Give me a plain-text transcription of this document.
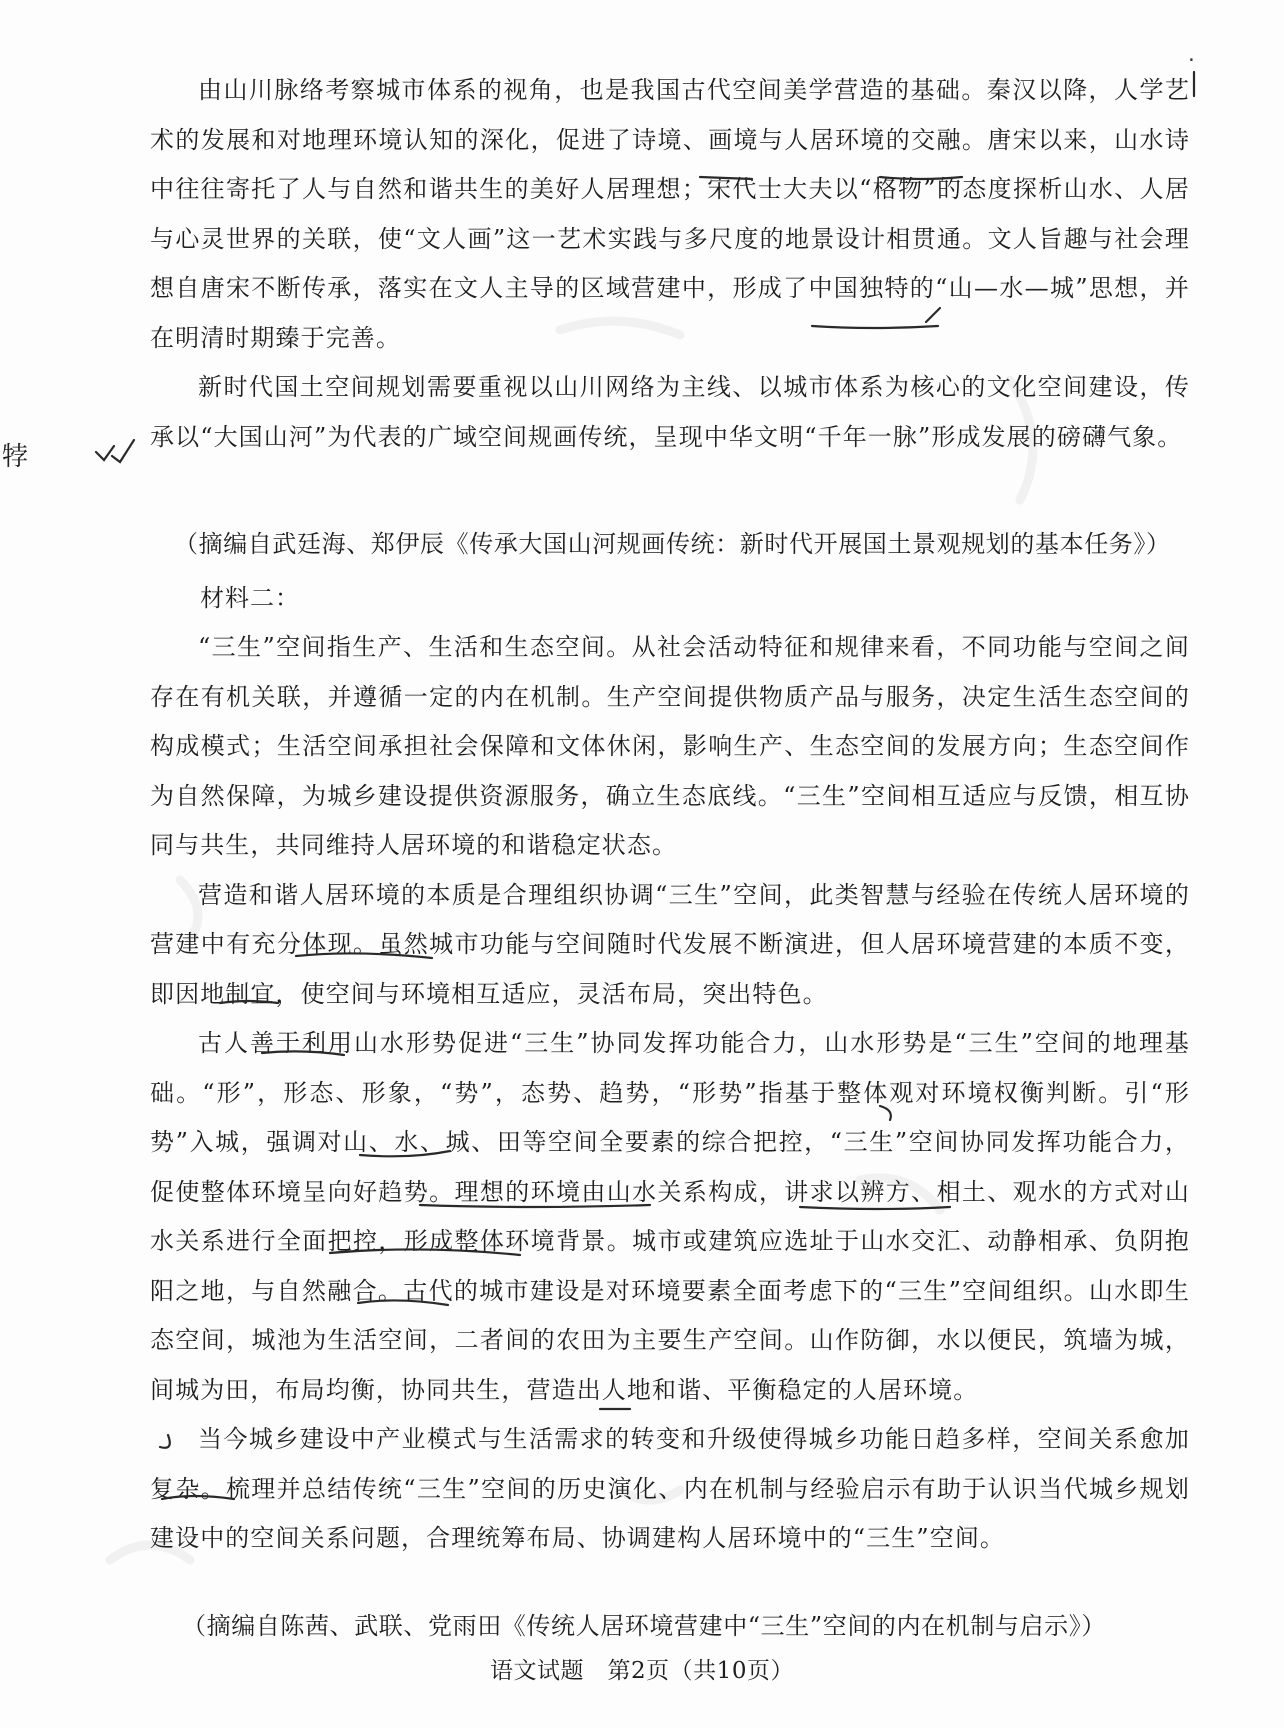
由山川脉络考察城市体系的视角，也是我国古代空间美学营造的基础。秦汉以降，人学艺术的发展和对地理环境认知的深化，促进了诗境、画境与人居环境的交融。唐宋以来，山水诗中往往寄托了人与自然和谐共生的美好人居理想；宋代士大夫以“格物”的态度探析山水、人居与心灵世界的关联，使“文人画”这一艺术实践与多尺度的地景设计相贯通。文人旨趣与社会理想自唐宋不断传承，落实在文人主导的区域营建中，形成了中国独特的“山—水—城”思想，并在明清时期臻于完善。

新时代国土空间规划需要重视以山川网络为主线、以城市体系为核心的文化空间建设，传承以“大国山河”为代表的广域空间规画传统，呈现中华文明“千年一脉”形成发展的磅礴气象。

（摘编自武廷海、郑伊辰《传承大国山河规画传统：新时代开展国土景观规划的基本任务》）
材料二：

“三生”空间指生产、生活和生态空间。从社会活动特征和规律来看，不同功能与空间之间存在有机关联，并遵循一定的内在机制。生产空间提供物质产品与服务，决定生活生态空间的构成模式；生活空间承担社会保障和文体休闲，影响生产、生态空间的发展方向；生态空间作为自然保障，为城乡建设提供资源服务，确立生态底线。“三生”空间相互适应与反馈，相互协同与共生，共同维持人居环境的和谐稳定状态。

营造和谐人居环境的本质是合理组织协调“三生”空间，此类智慧与经验在传统人居环境的营建中有充分体现。虽然城市功能与空间随时代发展不断演进，但人居环境营建的本质不变，即因地制宜，使空间与环境相互适应，灵活布局，突出特色。

古人善于利用山水形势促进“三生”协同发挥功能合力，山水形势是“三生”空间的地理基础。“形”，形态、形象，“势”，态势、趋势，“形势”指基于整体观对环境权衡判断。引“形势”入城，强调对山、水、城、田等空间全要素的综合把控，“三生”空间协同发挥功能合力，促使整体环境呈向好趋势。理想的环境由山水关系构成，讲求以辨方、相土、观水的方式对山水关系进行全面把控，形成整体环境背景。城市或建筑应选址于山水交汇、动静相承、负阴抱阳之地，与自然融合。古代的城市建设是对环境要素全面考虑下的“三生”空间组织。山水即生态空间，城池为生活空间，二者间的农田为主要生产空间。山作防御，水以便民，筑墙为城，间城为田，布局均衡，协同共生，营造出人地和谐、平衡稳定的人居环境。

当今城乡建设中产业模式与生活需求的转变和升级使得城乡功能日趋多样，空间关系愈加复杂。梳理并总结传统“三生”空间的历史演化、内在机制与经验启示有助于认识当代城乡规划建设中的空间关系问题，合理统筹布局、协调建构人居环境中的“三生”空间。

（摘编自陈茜、武联、党雨田《传统人居环境营建中“三生”空间的内在机制与启示》）
语文试题　第2页（共10页）
㹀
·
